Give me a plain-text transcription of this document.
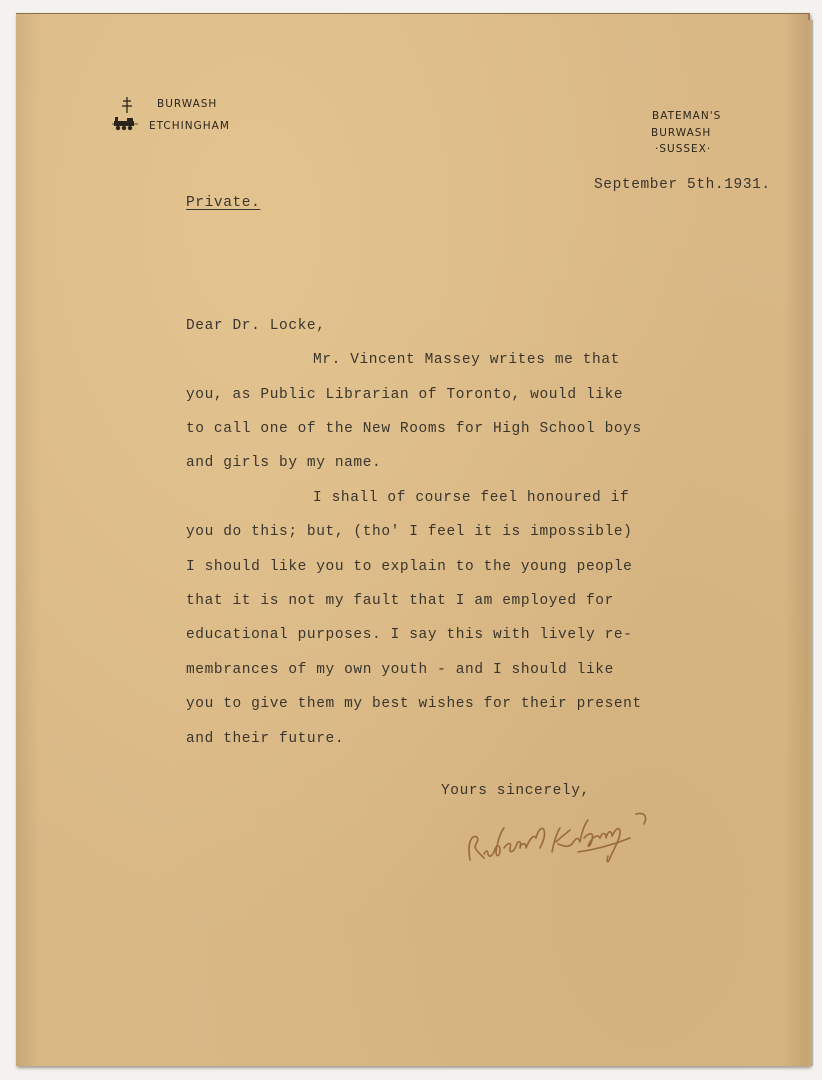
BURWASH
ETCHINGHAM
BATEMAN'S
BURWASH
·SUSSEX·
September 5th.1931.
Private.
Dear Dr. Locke,
Mr. Vincent Massey writes me that
you, as Public Librarian of Toronto, would like
to call one of the New Rooms for High School boys
and girls by my name.
I shall of course feel honoured if
you do this; but, (tho' I feel it is impossible)
I should like you to explain to the young people
that it is not my fault that I am employed for
educational purposes. I say this with lively re-
membrances of my own youth - and I should like
you to give them my best wishes for their present
and their future.
Yours sincerely,
